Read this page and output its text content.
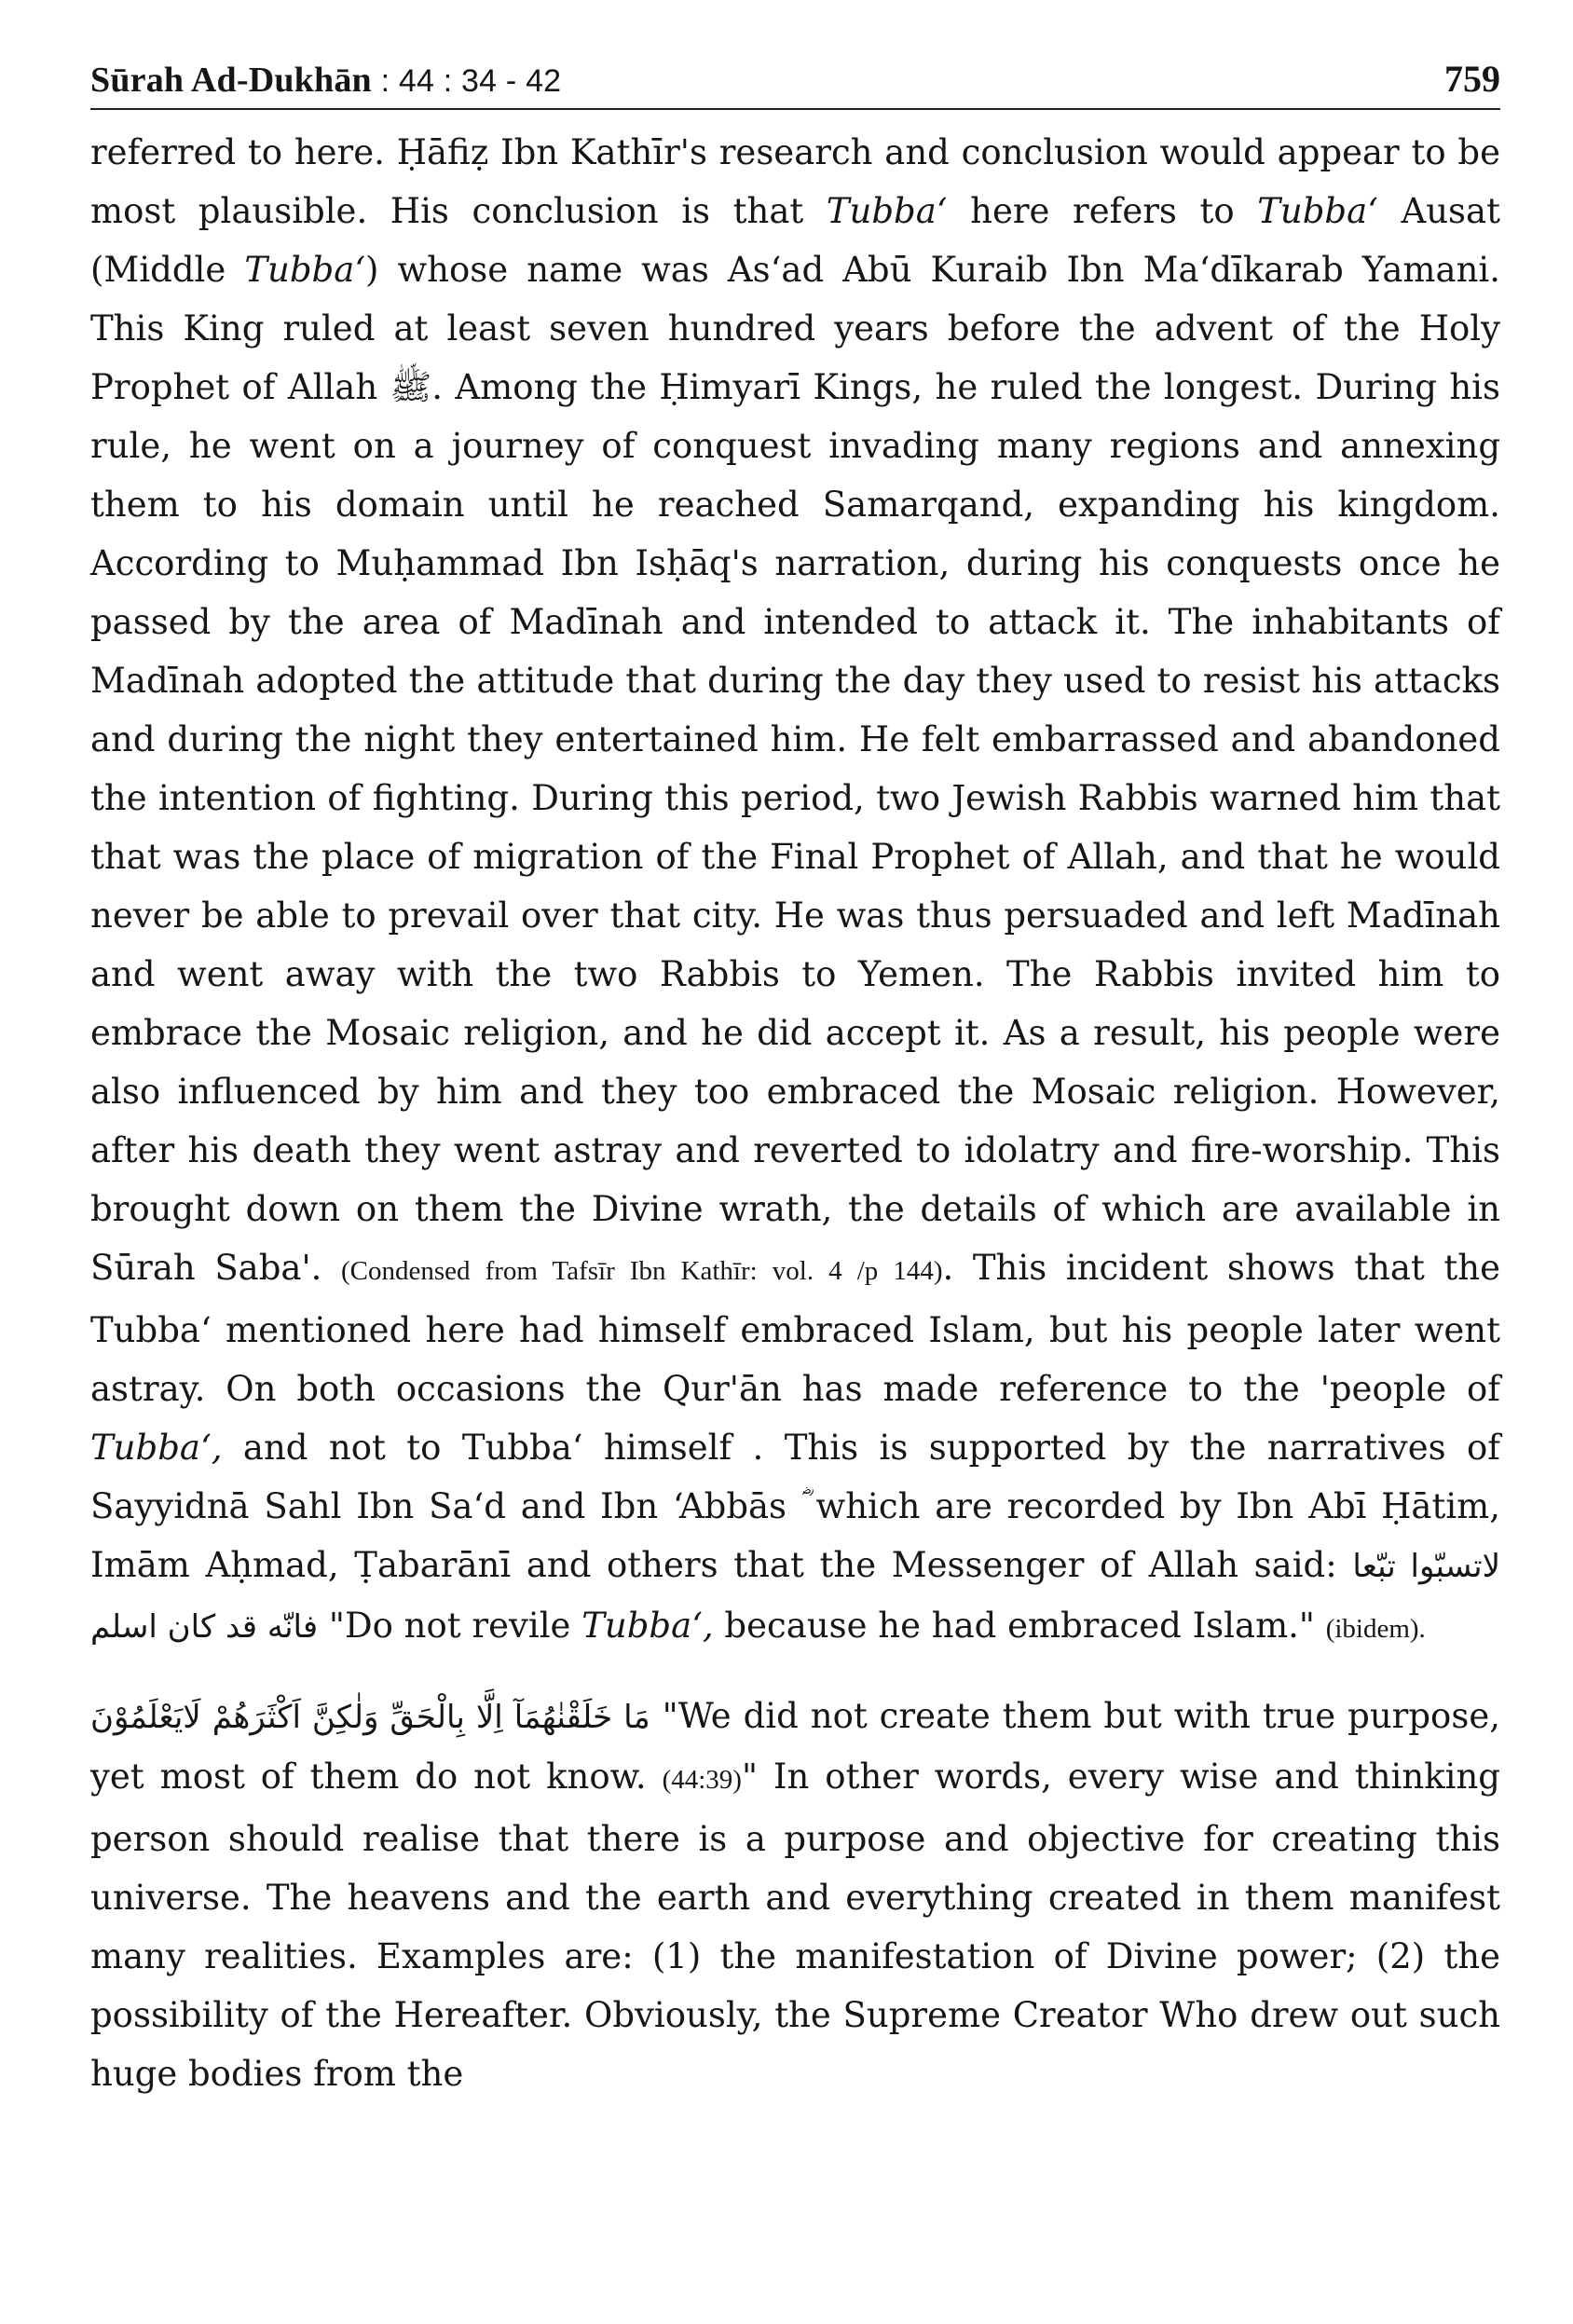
Sūrah Ad-Dukhān : 44 : 34 - 42	759

referred to here. Ḥāfiẓ Ibn Kathīr's research and conclusion would appear to be most plausible. His conclusion is that Tubba‘ here refers to Tubba‘ Ausat (Middle Tubba‘) whose name was As‘ad Abū Kuraib Ibn Ma‘dīkarab Yamani. This King ruled at least seven hundred years before the advent of the Holy Prophet of Allah ﷺ. Among the Ḥimyarī Kings, he ruled the longest. During his rule, he went on a journey of conquest invading many regions and annexing them to his domain until he reached Samarqand, expanding his kingdom. According to Muḥammad Ibn Isḥāq's narration, during his conquests once he passed by the area of Madīnah and intended to attack it. The inhabitants of Madīnah adopted the attitude that during the day they used to resist his attacks and during the night they entertained him. He felt embarrassed and abandoned the intention of fighting. During this period, two Jewish Rabbis warned him that that was the place of migration of the Final Prophet of Allah, and that he would never be able to prevail over that city. He was thus persuaded and left Madīnah and went away with the two Rabbis to Yemen. The Rabbis invited him to embrace the Mosaic religion, and he did accept it. As a result, his people were also influenced by him and they too embraced the Mosaic religion. However, after his death they went astray and reverted to idolatry and fire-worship. This brought down on them the Divine wrath, the details of which are available in Sūrah Saba'. (Condensed from Tafsīr Ibn Kathīr: vol. 4 /p 144). This incident shows that the Tubba‘ mentioned here had himself embraced Islam, but his people later went astray. On both occasions the Qur'ān has made reference to the 'people of Tubba‘, and not to Tubba‘ himself . This is supported by the narratives of Sayyidnā Sahl Ibn Sa‘d and Ibn ‘Abbās ؓ which are recorded by Ibn Abī Ḥātim, Imām Aḥmad, Ṭabarānī and others that the Messenger of Allah said: لاتسبّوا تبّعا فانّه قد كان اسلم "Do not revile Tubba‘, because he had embraced Islam." (ibidem).

مَا خَلَقْنٰهُمَآ اِلَّا بِالْحَقِّ وَلٰكِنَّ اَكْثَرَهُمْ لَايَعْلَمُوْنَ "We did not create them but with true purpose, yet most of them do not know. (44:39)" In other words, every wise and thinking person should realise that there is a purpose and objective for creating this universe. The heavens and the earth and everything created in them manifest many realities. Examples are: (1) the manifestation of Divine power; (2) the possibility of the Hereafter. Obviously, the Supreme Creator Who drew out such huge bodies from the
